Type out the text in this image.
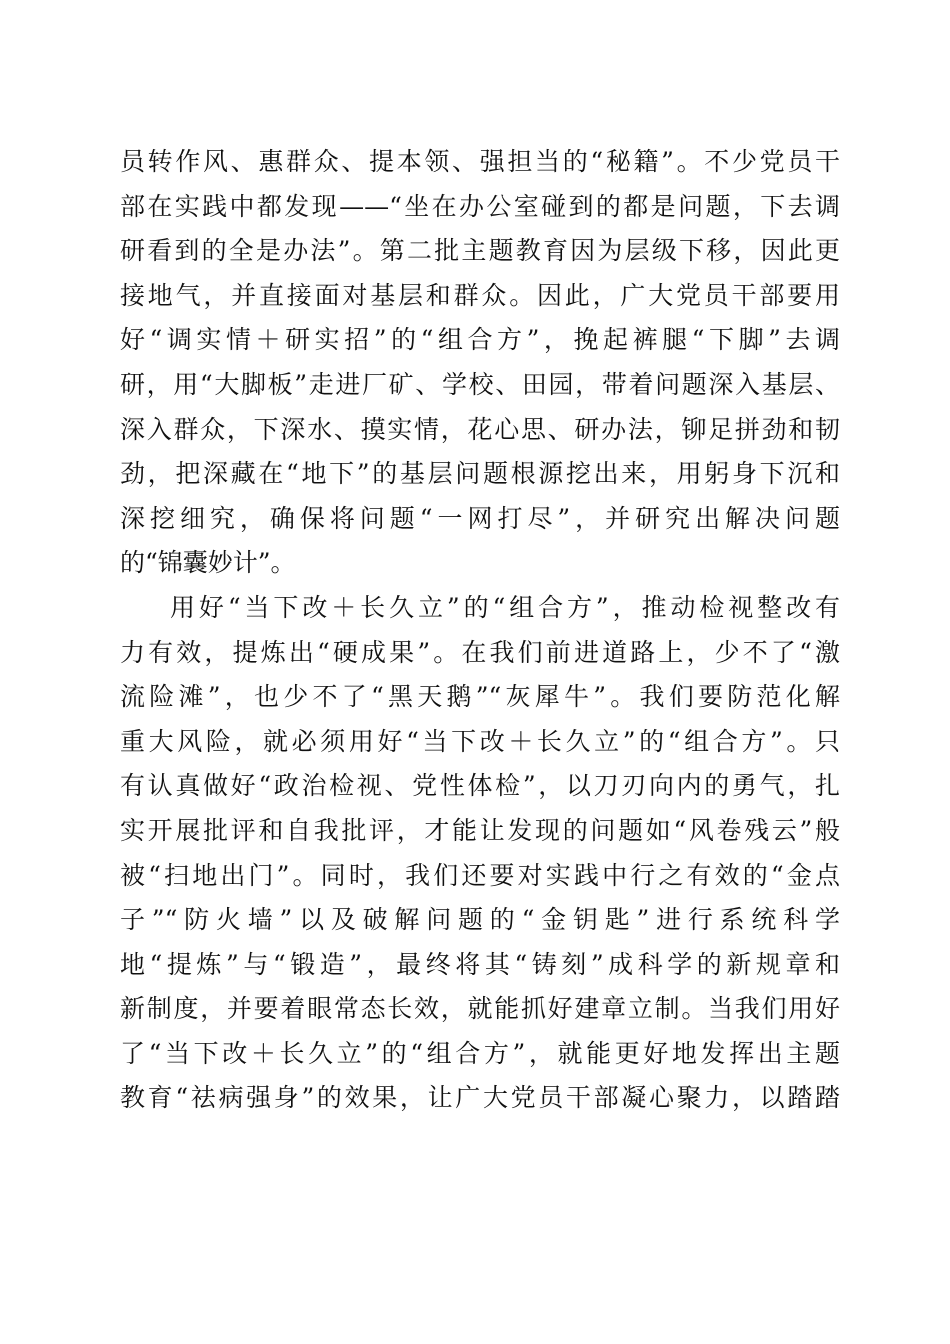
员转作风、惠群众、提本领、强担当的“秘籍”。不少党员干
部在实践中都发现——“坐在办公室碰到的都是问题，下去调
研看到的全是办法”。第二批主题教育因为层级下移，因此更
接地气，并直接面对基层和群众。因此，广大党员干部要用
好“调实情＋研实招”的“组合方”，挽起裤腿“下脚”去调
研，用“大脚板”走进厂矿、学校、田园，带着问题深入基层、
深入群众，下深水、摸实情，花心思、研办法，铆足拼劲和韧
劲，把深藏在“地下”的基层问题根源挖出来，用躬身下沉和
深挖细究，确保将问题“一网打尽”，并研究出解决问题
的“锦囊妙计”。
用好“当下改＋长久立”的“组合方”，推动检视整改有
力有效，提炼出“硬成果”。在我们前进道路上，少不了“激
流险滩”，也少不了“黑天鹅”“灰犀牛”。我们要防范化解
重大风险，就必须用好“当下改＋长久立”的“组合方”。只
有认真做好“政治检视、党性体检”，以刀刃向内的勇气，扎
实开展批评和自我批评，才能让发现的问题如“风卷残云”般
被“扫地出门”。同时，我们还要对实践中行之有效的“金点
子”“防火墙”以及破解问题的“金钥匙”进行系统科学
地“提炼”与“锻造”，最终将其“铸刻”成科学的新规章和
新制度，并要着眼常态长效，就能抓好建章立制。当我们用好
了“当下改＋长久立”的“组合方”，就能更好地发挥出主题
教育“祛病强身”的效果，让广大党员干部凝心聚力，以踏踏
